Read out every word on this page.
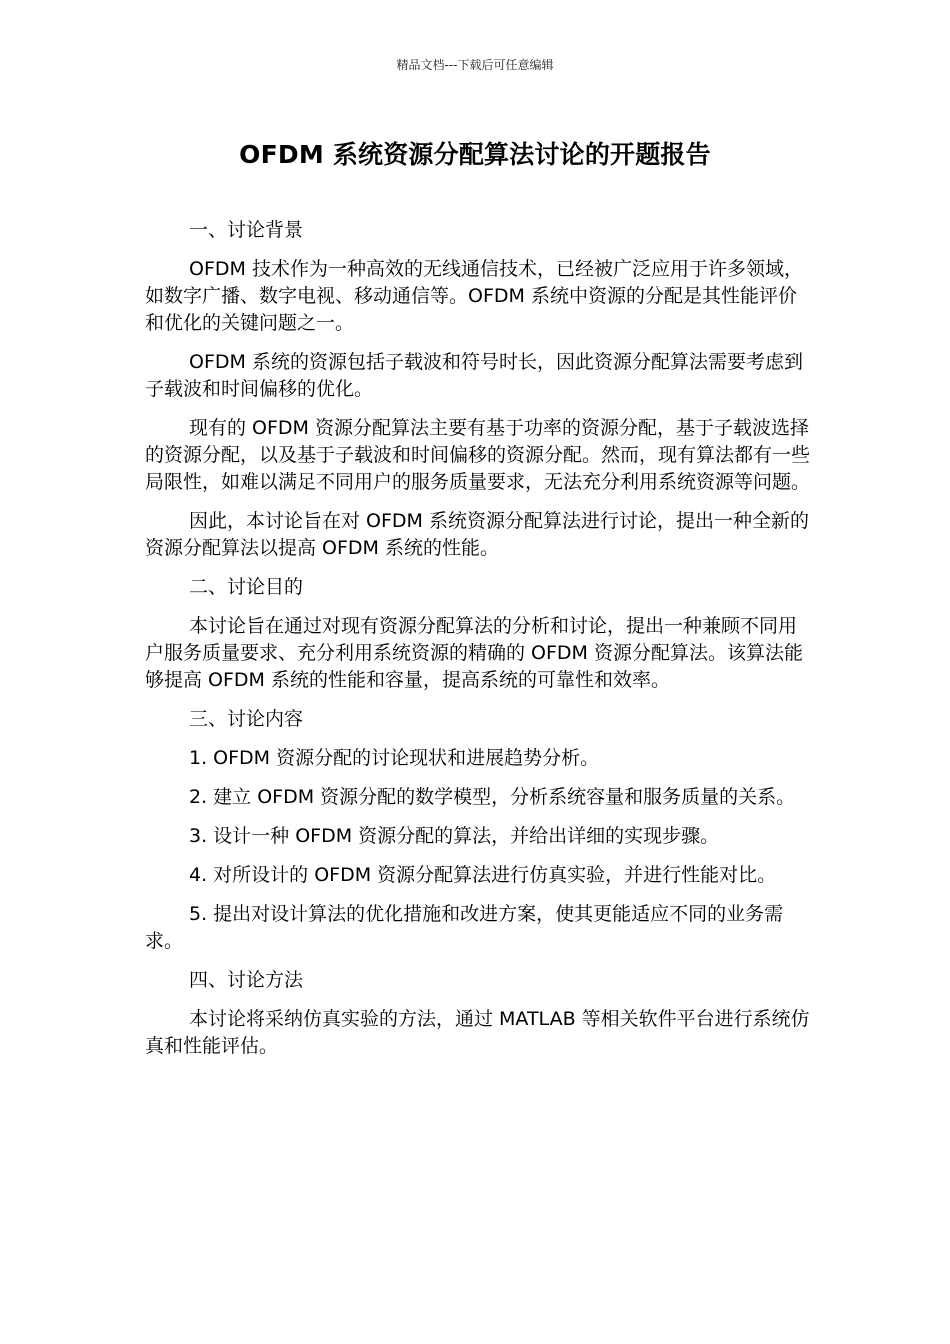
精品文档---下载后可任意编辑
OFDM 系统资源分配算法讨论的开题报告

一、讨论背景

OFDM 技术作为一种高效的无线通信技术，已经被广泛应用于许多领域，如数字广播、数字电视、移动通信等。OFDM 系统中资源的分配是其性能评价和优化的关键问题之一。

OFDM 系统的资源包括子载波和符号时长，因此资源分配算法需要考虑到子载波和时间偏移的优化。

现有的 OFDM 资源分配算法主要有基于功率的资源分配，基于子载波选择的资源分配，以及基于子载波和时间偏移的资源分配。然而，现有算法都有一些局限性，如难以满足不同用户的服务质量要求，无法充分利用系统资源等问题。

因此，本讨论旨在对 OFDM 系统资源分配算法进行讨论，提出一种全新的资源分配算法以提高 OFDM 系统的性能。

二、讨论目的

本讨论旨在通过对现有资源分配算法的分析和讨论，提出一种兼顾不同用户服务质量要求、充分利用系统资源的精确的 OFDM 资源分配算法。该算法能够提高 OFDM 系统的性能和容量，提高系统的可靠性和效率。

三、讨论内容

1. OFDM 资源分配的讨论现状和进展趋势分析。

2. 建立 OFDM 资源分配的数学模型，分析系统容量和服务质量的关系。

3. 设计一种 OFDM 资源分配的算法，并给出详细的实现步骤。

4. 对所设计的 OFDM 资源分配算法进行仿真实验，并进行性能对比。

5. 提出对设计算法的优化措施和改进方案，使其更能适应不同的业务需求。

四、讨论方法

本讨论将采纳仿真实验的方法，通过 MATLAB 等相关软件平台进行系统仿真和性能评估。
